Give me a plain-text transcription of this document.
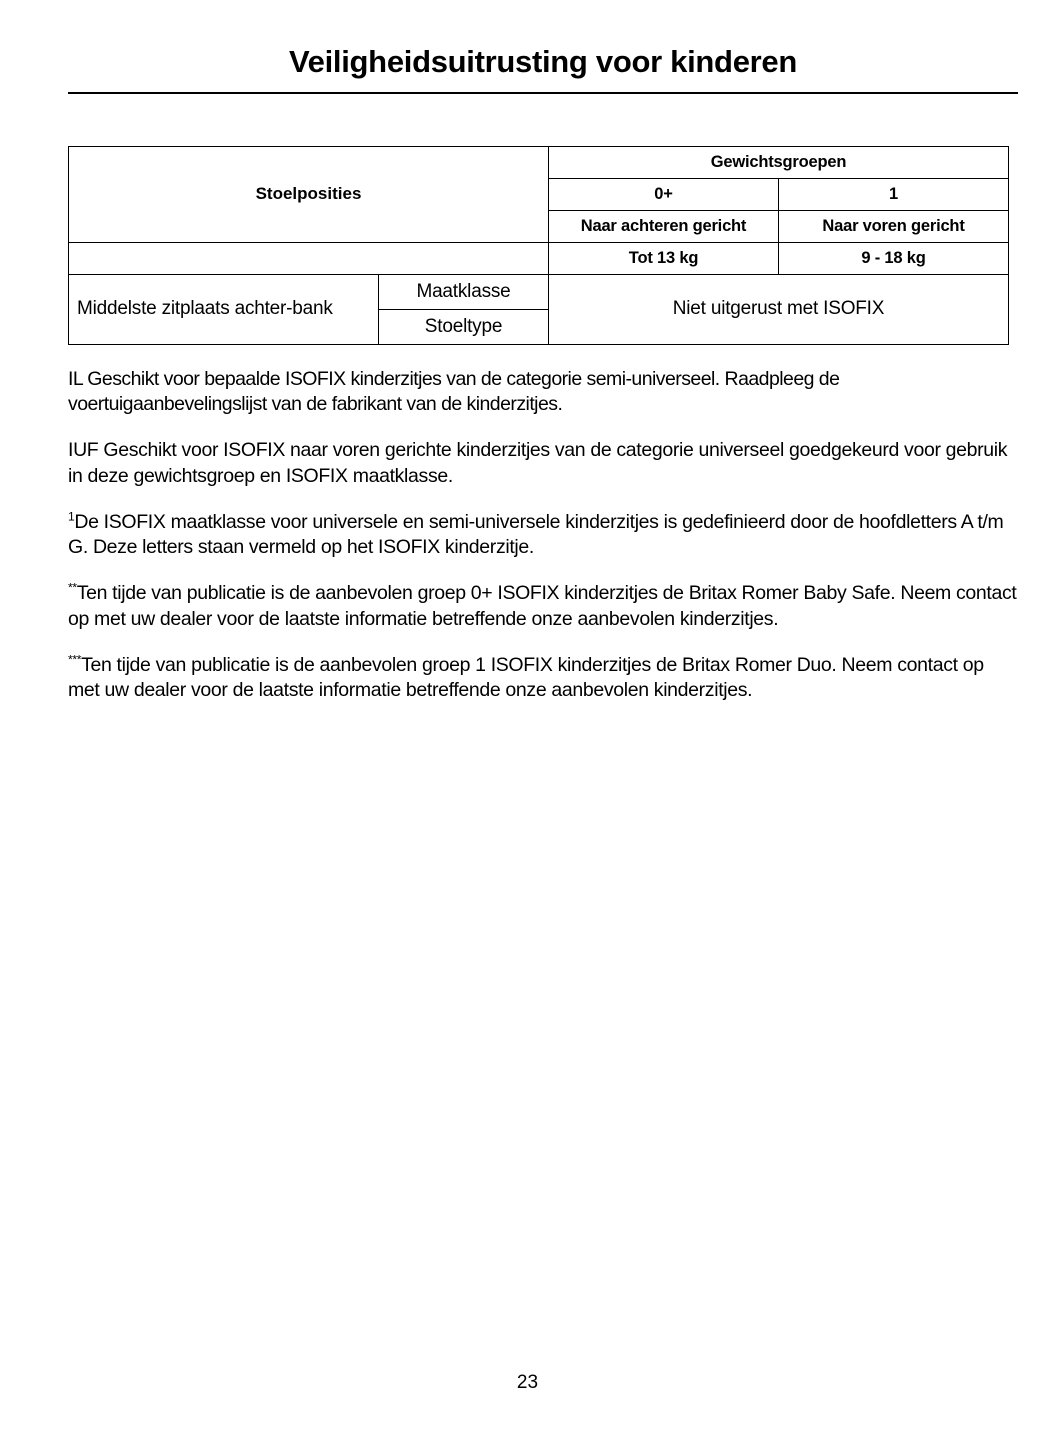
Veiligheidsuitrusting voor kinderen
Stoelposities		Gewichtsgroepen	
		0+	1
		Naar achteren gericht	Naar voren gericht

		Tot 13 kg	9 - 18 kg
Middelste zitplaats achter-bank	Maatklasse	Niet uitgerust met ISOFIX	
	Stoeltype		

IL Geschikt voor bepaalde ISOFIX kinderzitjes van de categorie semi-universeel. Raadpleeg de voertuigaanbevelingslijst van de fabrikant van de kinderzitjes.

IUF Geschikt voor ISOFIX naar voren gerichte kinderzitjes van de categorie universeel goedgekeurd voor gebruik in deze gewichtsgroep en ISOFIX maatklasse.

$^1$De ISOFIX maatklasse voor universele en semi-universele kinderzitjes is gedefinieerd door de hoofdletters A t/m G. Deze letters staan vermeld op het ISOFIX kinderzitje.

**Ten tijde van publicatie is de aanbevolen groep 0+ ISOFIX kinderzitjes de Britax Romer Baby Safe. Neem contact op met uw dealer voor de laatste informatie betreffende onze aanbevolen kinderzitjes.

***Ten tijde van publicatie is de aanbevolen groep 1 ISOFIX kinderzitjes de Britax Romer Duo. Neem contact op met uw dealer voor de laatste informatie betreffende onze aanbevolen kinderzitjes.

23
